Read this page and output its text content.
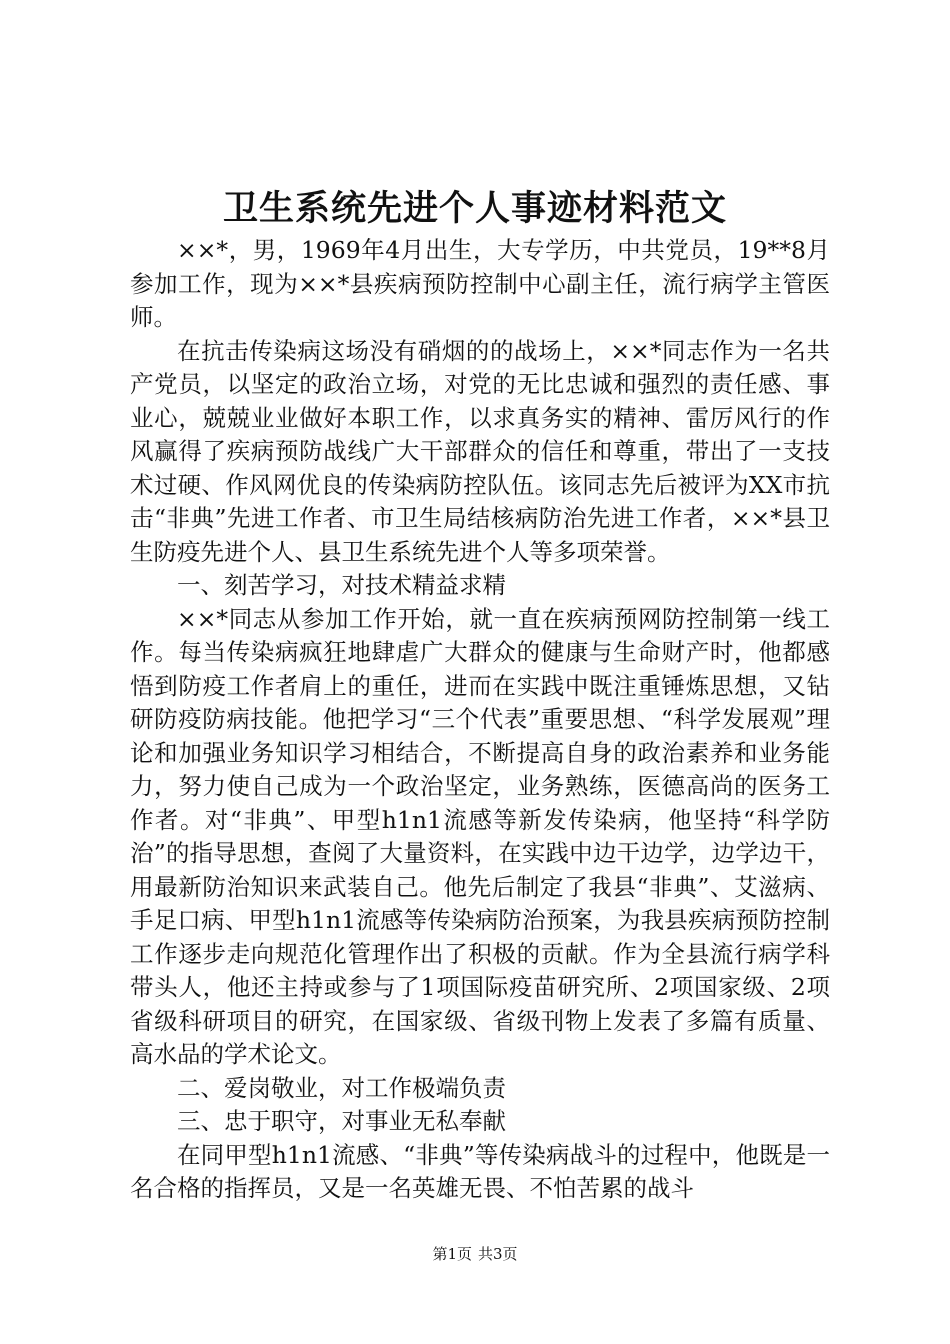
卫生系统先进个人事迹材料范文

××*，男，1969年4月出生，大专学历，中共党员，19**8月参加工作，现为××*县疾病预防控制中心副主任，流行病学主管医师。

在抗击传染病这场没有硝烟的的战场上，××*同志作为一名共产党员，以坚定的政治立场，对党的无比忠诚和强烈的责任感、事业心，兢兢业业做好本职工作，以求真务实的精神、雷厉风行的作风赢得了疾病预防战线广大干部群众的信任和尊重，带出了一支技术过硬、作风网优良的传染病防控队伍。该同志先后被评为XX市抗击“非典”先进工作者、市卫生局结核病防治先进工作者，××*县卫生防疫先进个人、县卫生系统先进个人等多项荣誉。

一、刻苦学习，对技术精益求精

××*同志从参加工作开始，就一直在疾病预网防控制第一线工作。每当传染病疯狂地肆虐广大群众的健康与生命财产时，他都感悟到防疫工作者肩上的重任，进而在实践中既注重锤炼思想，又钻研防疫防病技能。他把学习“三个代表”重要思想、“科学发展观”理论和加强业务知识学习相结合，不断提高自身的政治素养和业务能力，努力使自己成为一个政治坚定，业务熟练，医德高尚的医务工作者。对“非典”、甲型h1n1流感等新发传染病，他坚持“科学防治”的指导思想，查阅了大量资料，在实践中边干边学，边学边干，用最新防治知识来武装自己。他先后制定了我县“非典”、艾滋病、手足口病、甲型h1n1流感等传染病防治预案，为我县疾病预防控制工作逐步走向规范化管理作出了积极的贡献。作为全县流行病学科带头人，他还主持或参与了1项国际疫苗研究所、2项国家级、2项省级科研项目的研究，在国家级、省级刊物上发表了多篇有质量、高水品的学术论文。

二、爱岗敬业，对工作极端负责

三、忠于职守，对事业无私奉献

在同甲型h1n1流感、“非典”等传染病战斗的过程中，他既是一名合格的指挥员，又是一名英雄无畏、不怕苦累的战斗

第1页 共3页
